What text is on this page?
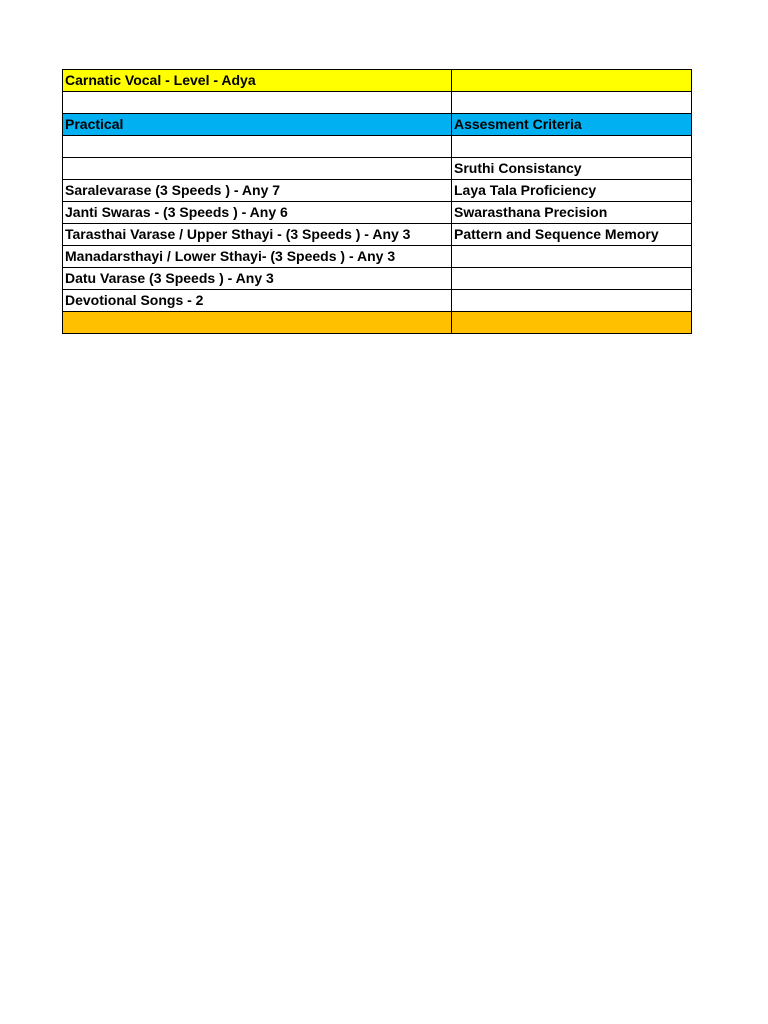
Carnatic Vocal - Level - Adya	

Practical	Assesment Criteria

	Sruthi Consistancy
Saralevarase (3 Speeds ) - Any 7	Laya Tala Proficiency
Janti Swaras - (3 Speeds ) - Any 6	Swarasthana Precision
Tarasthai Varase / Upper Sthayi - (3 Speeds ) - Any 3	Pattern and Sequence Memory
Manadarsthayi / Lower Sthayi- (3 Speeds ) - Any 3	
Datu Varase (3 Speeds ) - Any 3	
Devotional Songs - 2	
